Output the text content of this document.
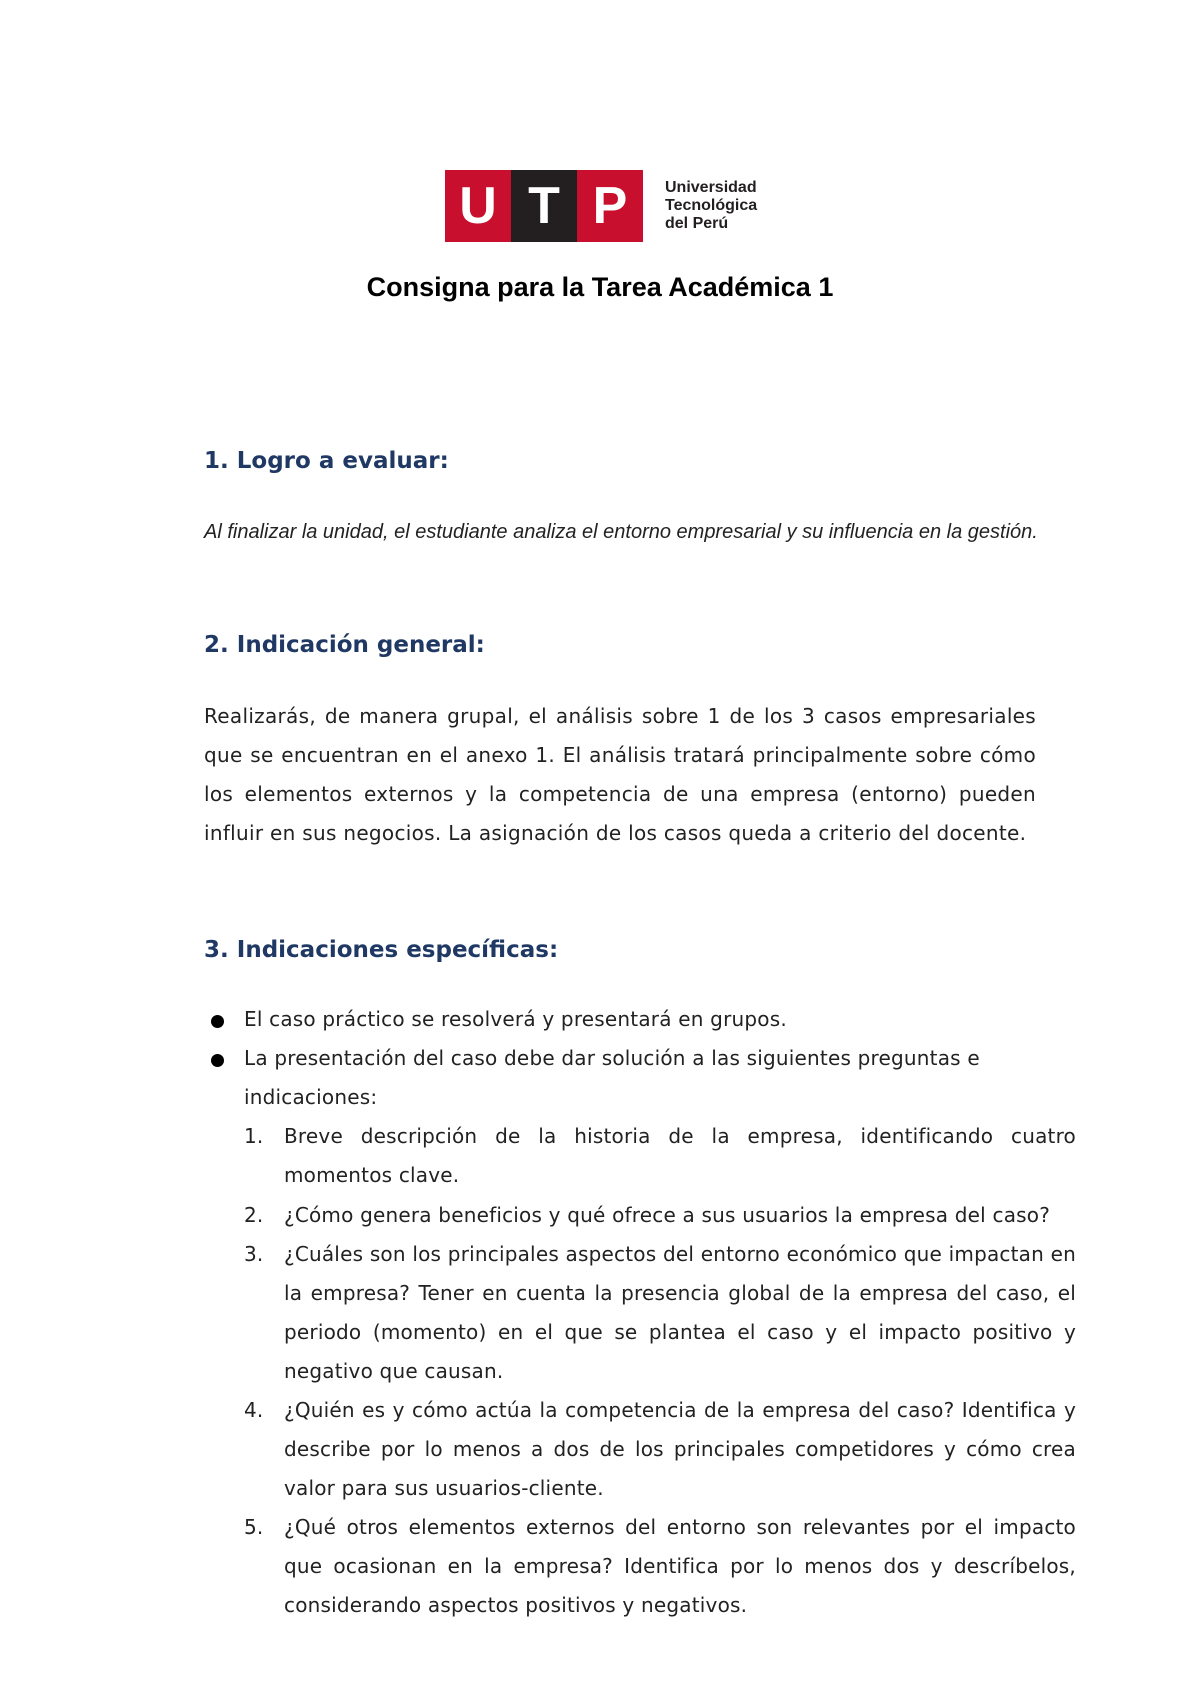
U T P Universidad
Tecnológica
del Perú
Consigna para la Tarea Académica 1
1. Logro a evaluar:

Al finalizar la unidad, el estudiante analiza el entorno empresarial y su influencia en la gestión.

2. Indicación general:

Realizarás, de manera grupal, el análisis sobre 1 de los 3 casos empresariales que se encuentran en el anexo 1. El análisis tratará principalmente sobre cómo los elementos externos y la competencia de una empresa (entorno) pueden influir en sus negocios. La asignación de los casos queda a criterio del docente.

3. Indicaciones específicas:
El caso práctico se resolverá y presentará en grupos.
La presentación del caso debe dar solución a las siguientes preguntas e indicaciones:
1. Breve descripción de la historia de la empresa, identificando cuatro momentos clave.
2. ¿Cómo genera beneficios y qué ofrece a sus usuarios la empresa del caso?
3. ¿Cuáles son los principales aspectos del entorno económico que impactan en la empresa? Tener en cuenta la presencia global de la empresa del caso, el periodo (momento) en el que se plantea el caso y el impacto positivo y negativo que causan.
4. ¿Quién es y cómo actúa la competencia de la empresa del caso? Identifica y describe por lo menos a dos de los principales competidores y cómo crea valor para sus usuarios-cliente.
5. ¿Qué otros elementos externos del entorno son relevantes por el impacto que ocasionan en la empresa? Identifica por lo menos dos y descríbelos, considerando aspectos positivos y negativos.
